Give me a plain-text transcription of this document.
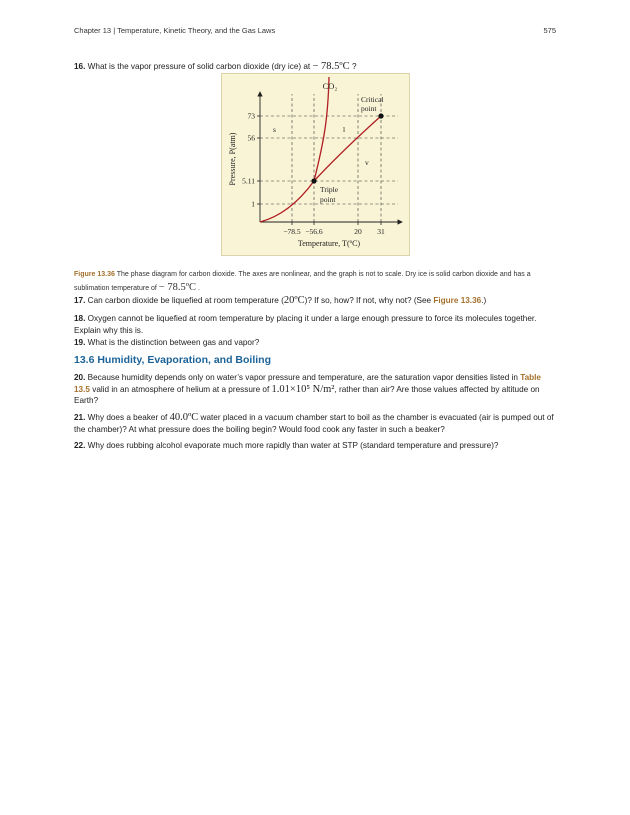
Chapter 13 | Temperature, Kinetic Theory, and the Gas Laws	575
16. What is the vapor pressure of solid carbon dioxide (dry ice) at − 78.5ºC ?
−78.5 −56.6	20 31
1
5.11
56
73
CO₂
Temperature, T(ºC)
Pressure, P(atm)
s	l
v
Triple
point
Critical
point
Figure 13.36 The phase diagram for carbon dioxide. The axes are nonlinear, and the graph is not to scale. Dry ice is solid carbon dioxide and has a sublimation temperature of − 78.5ºC .
17. Can carbon dioxide be liquefied at room temperature (20ºC)? If so, how? If not, why not? (See Figure 13.36.)
18. Oxygen cannot be liquefied at room temperature by placing it under a large enough pressure to force its molecules together. Explain why this is.
19. What is the distinction between gas and vapor?
13.6 Humidity, Evaporation, and Boiling
20. Because humidity depends only on water’s vapor pressure and temperature, are the saturation vapor densities listed in Table 13.5 valid in an atmosphere of helium at a pressure of 1.01×10⁵ N/m², rather than air? Are those values affected by altitude on Earth?
21. Why does a beaker of 40.0ºC water placed in a vacuum chamber start to boil as the chamber is evacuated (air is pumped out of the chamber)? At what pressure does the boiling begin? Would food cook any faster in such a beaker?
22. Why does rubbing alcohol evaporate much more rapidly than water at STP (standard temperature and pressure)?
